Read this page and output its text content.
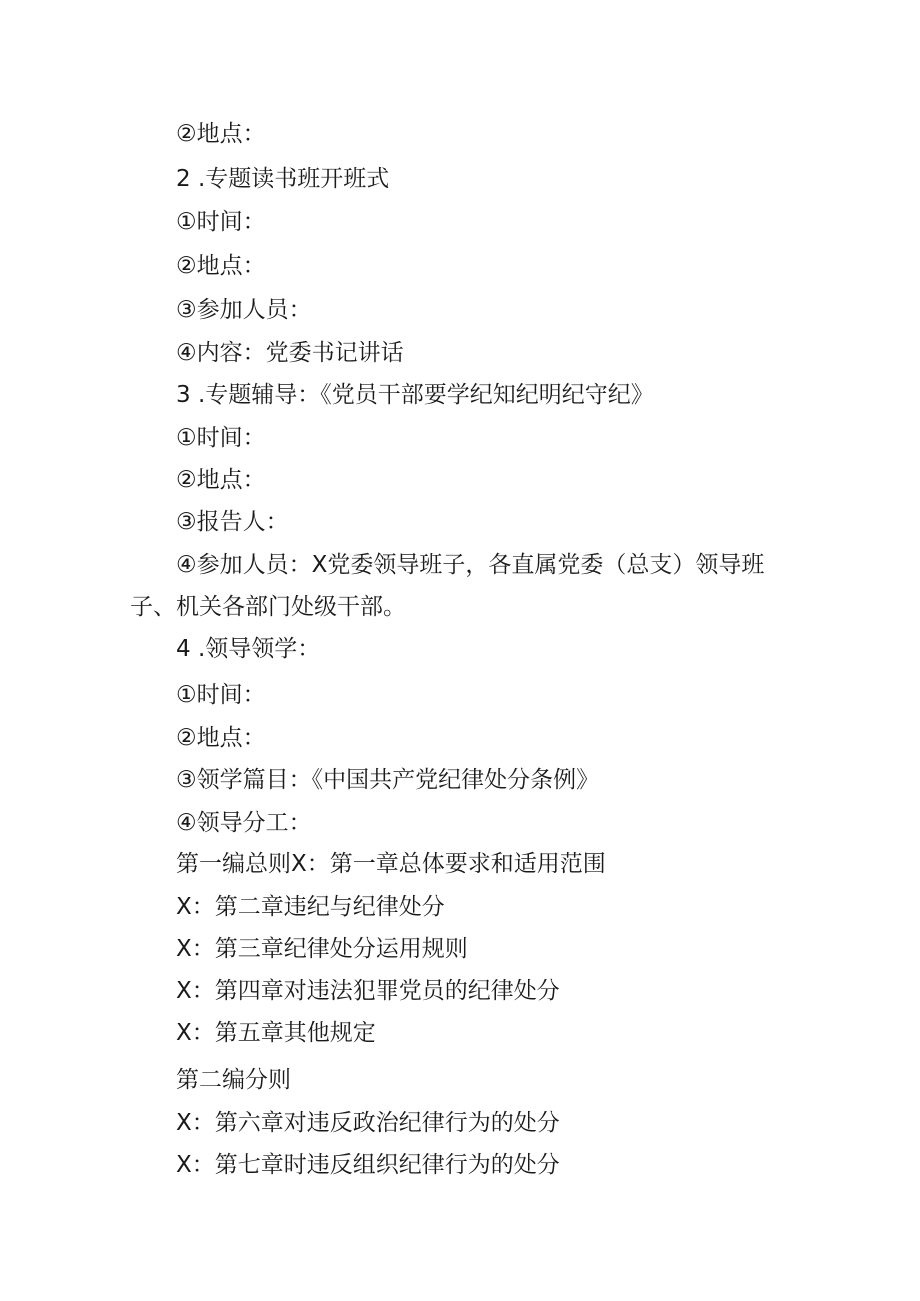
②地点：
2 .专题读书班开班式
①时间：
②地点：
③参加人员：
④内容：党委书记讲话
3 .专题辅导：《党员干部要学纪知纪明纪守纪》
①时间：
②地点：
③报告人：
④参加人员：X党委领导班子，各直属党委（总支）领导班
子、机关各部门处级干部。
4 .领导领学：
①时间：
②地点：
③领学篇目：《中国共产党纪律处分条例》
④领导分工：
第一编总则X：第一章总体要求和适用范围
X：第二章违纪与纪律处分
X：第三章纪律处分运用规则
X：第四章对违法犯罪党员的纪律处分
X：第五章其他规定
第二编分则
X：第六章对违反政治纪律行为的处分
X：第七章时违反组织纪律行为的处分
